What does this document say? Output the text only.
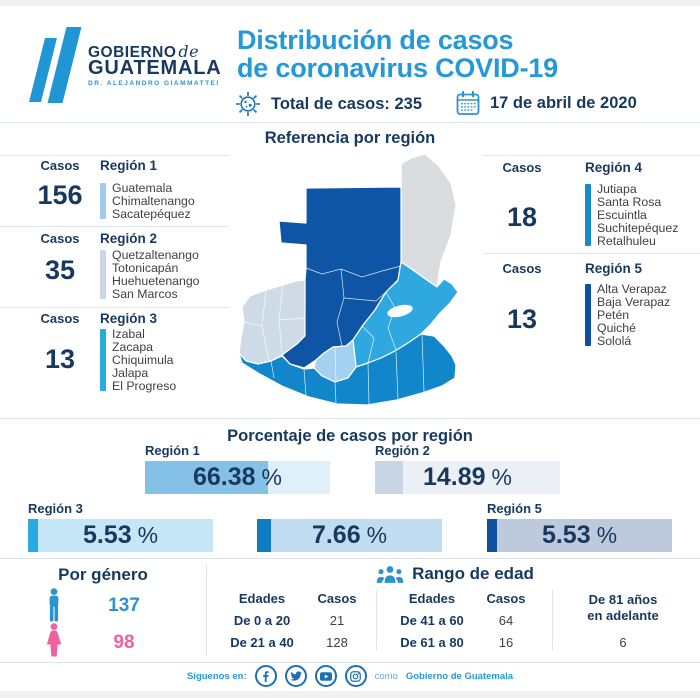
GOBIERNO de
GUATEMALA
DR. ALEJANDRO GIAMMATTEI
Distribución de casos
de coronavirus COVID-19
Total de casos: 235	17 de abril de 2020
Referencia por región
Casos
156
Región 1
Guatemala
Chimaltenango
Sacatepéquez
Casos
35
Región 2
Quetzaltenango
Totonicapán
Huehuetenango
San Marcos
Casos
13
Región 3
Izabal
Zacapa
Chiquimula
Jalapa
El Progreso
Casos
18
Región 4
Jutiapa
Santa Rosa
Escuintla
Suchitepéquez
Retalhuleu
Casos
13
Región 5
Alta Verapaz
Baja Verapaz
Petén
Quiché
Sololá
Porcentaje de casos por región
Región 1
66.38 %
Región 2
14.89 %
Región 3
5.53 %	7.66 %
Región 5
5.53 %
Por género
137
98
Rango de edad
Edades	Casos
De 0 a 20	21
De 21 a 40	128
Edades	Casos
De 41 a 60	64
De 61 a 80	16
De 81 años
en adelante
6
Síguenos en:	como Gobierno de Guatemala
